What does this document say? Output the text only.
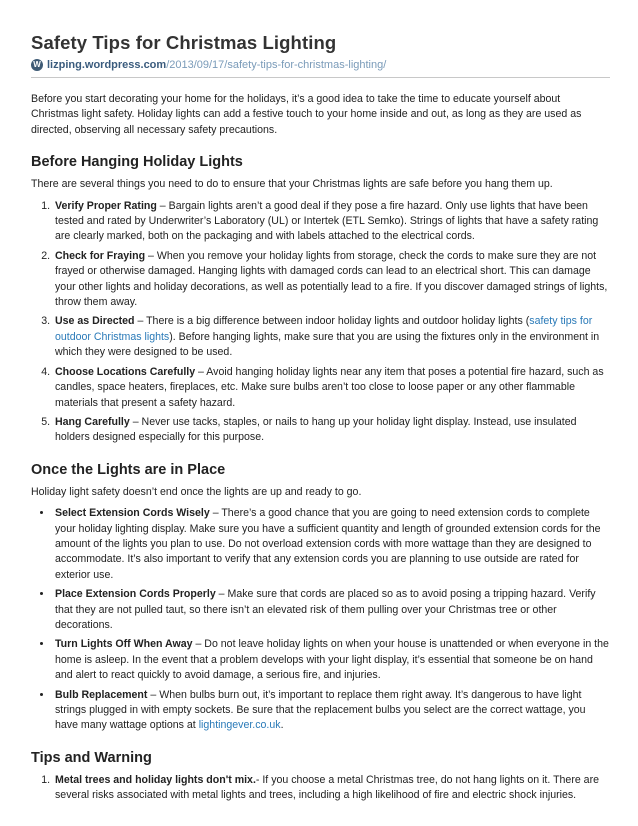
Safety Tips for Christmas Lighting
W lizping.wordpress.com /2013/09/17/safety-tips-for-christmas-lighting/

Before you start decorating your home for the holidays, it’s a good idea to take the time to educate yourself about Christmas light safety. Holiday lights can add a festive touch to your home inside and out, as long as they are used as directed, observing all necessary safety precautions.

Before Hanging Holiday Lights

There are several things you need to do to ensure that your Christmas lights are safe before you hang them up.

1. Verify Proper Rating – Bargain lights aren’t a good deal if they pose a fire hazard. Only use lights that have been tested and rated by Underwriter’s Laboratory (UL) or Intertek (ETL Semko). Strings of lights that have a safety rating are clearly marked, both on the packaging and with labels attached to the electrical cords.
2. Check for Fraying – When you remove your holiday lights from storage, check the cords to make sure they are not frayed or otherwise damaged. Hanging lights with damaged cords can lead to an electrical short. This can damage your other lights and holiday decorations, as well as potentially lead to a fire. If you discover damaged strings of lights, throw them away.
3. Use as Directed – There is a big difference between indoor holiday lights and outdoor holiday lights (safety tips for outdoor Christmas lights). Before hanging lights, make sure that you are using the fixtures only in the environment in which they were designed to be used.
4. Choose Locations Carefully – Avoid hanging holiday lights near any item that poses a potential fire hazard, such as candles, space heaters, fireplaces, etc. Make sure bulbs aren’t too close to loose paper or any other flammable materials that present a safety hazard.
5. Hang Carefully – Never use tacks, staples, or nails to hang up your holiday light display. Instead, use insulated holders designed especially for this purpose.
Once the Lights are in Place

Holiday light safety doesn’t end once the lights are up and ready to go.

• Select Extension Cords Wisely – There’s a good chance that you are going to need extension cords to complete your holiday lighting display. Make sure you have a sufficient quantity and length of grounded extension cords for the amount of the lights you plan to use. Do not overload extension cords with more wattage than they are designed to accommodate. It’s also important to verify that any extension cords you are planning to use outside are rated for exterior use.
• Place Extension Cords Properly – Make sure that cords are placed so as to avoid posing a tripping hazard. Verify that they are not pulled taut, so there isn’t an elevated risk of them pulling over your Christmas tree or other decorations.
• Turn Lights Off When Away – Do not leave holiday lights on when your house is unattended or when everyone in the home is asleep. In the event that a problem develops with your light display, it’s essential that someone be on hand and alert to react quickly to avoid damage, a serious fire, and injuries.
• Bulb Replacement – When bulbs burn out, it’s important to replace them right away. It’s dangerous to have light strings plugged in with empty sockets. Be sure that the replacement bulbs you select are the correct wattage, you have many wattage options at lightingever.co.uk.
Tips and Warning
1. Metal trees and holiday lights don't mix.- If you choose a metal Christmas tree, do not hang lights on it. There are several risks associated with metal lights and trees, including a high likelihood of fire and electric shock injuries.
